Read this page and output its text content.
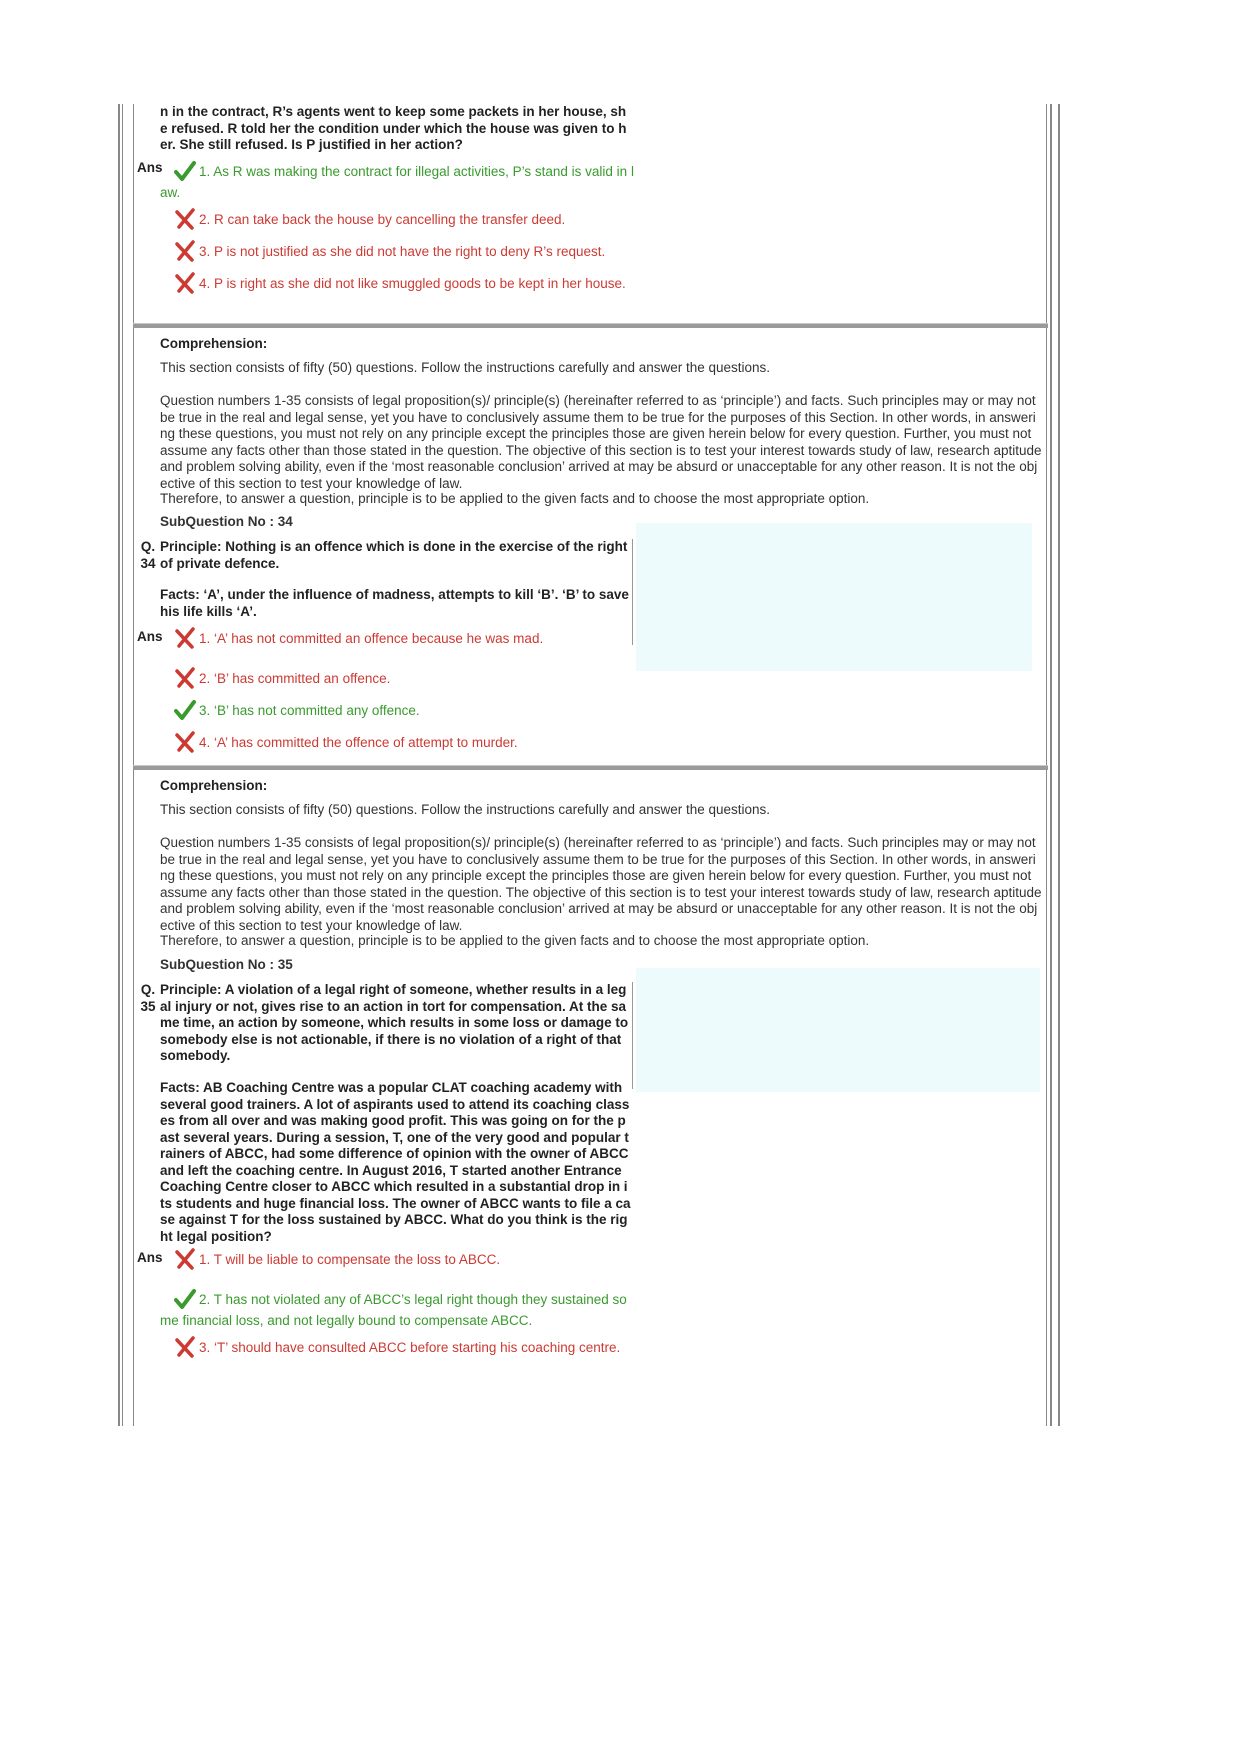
n in the contract, R’s agents went to keep some packets in her house, she refused. R told her the condition under which the house was given to her. She still refused. Is P justified in her action?
Ans	1. As R was making the contract for illegal activities, P’s stand is valid in law.
2. R can take back the house by cancelling the transfer deed.
3. P is not justified as she did not have the right to deny R’s request.
4. P is right as she did not like smuggled goods to be kept in her house.
Comprehension:
This section consists of fifty (50) questions. Follow the instructions carefully and answer the questions.
Question numbers 1-35 consists of legal proposition(s)/ principle(s) (hereinafter referred to as ‘principle’) and facts. Such principles may or may not be true in the real and legal sense, yet you have to conclusively assume them to be true for the purposes of this Section. In other words, in answering these questions, you must not rely on any principle except the principles those are given herein below for every question. Further, you must not assume any facts other than those stated in the question. The objective of this section is to test your interest towards study of law, research aptitude and problem solving ability, even if the ‘most reasonable conclusion’ arrived at may be absurd or unacceptable for any other reason. It is not the objective of this section to test your knowledge of law.
Therefore, to answer a question, principle is to be applied to the given facts and to choose the most appropriate option.
SubQuestion No : 34
Q. 34
Principle: Nothing is an offence which is done in the exercise of the right of private defence.
Facts: ‘A’, under the influence of madness, attempts to kill ‘B’. ‘B’ to save his life kills ‘A’.
Ans	1. ‘A’ has not committed an offence because he was mad.
2. ‘B’ has committed an offence.
3. ‘B’ has not committed any offence.
4. ‘A’ has committed the offence of attempt to murder.
Comprehension:
This section consists of fifty (50) questions. Follow the instructions carefully and answer the questions.
Question numbers 1-35 consists of legal proposition(s)/ principle(s) (hereinafter referred to as ‘principle’) and facts. Such principles may or may not be true in the real and legal sense, yet you have to conclusively assume them to be true for the purposes of this Section. In other words, in answering these questions, you must not rely on any principle except the principles those are given herein below for every question. Further, you must not assume any facts other than those stated in the question. The objective of this section is to test your interest towards study of law, research aptitude and problem solving ability, even if the ‘most reasonable conclusion’ arrived at may be absurd or unacceptable for any other reason. It is not the objective of this section to test your knowledge of law.
Therefore, to answer a question, principle is to be applied to the given facts and to choose the most appropriate option.
SubQuestion No : 35
Q. 35
Principle: A violation of a legal right of someone, whether results in a legal injury or not, gives rise to an action in tort for compensation. At the same time, an action by someone, which results in some loss or damage to somebody else is not actionable, if there is no violation of a right of that somebody.
Facts: AB Coaching Centre was a popular CLAT coaching academy with several good trainers. A lot of aspirants used to attend its coaching classes from all over and was making good profit. This was going on for the past several years. During a session, T, one of the very good and popular trainers of ABCC, had some difference of opinion with the owner of ABCC and left the coaching centre. In August 2016, T started another Entrance Coaching Centre closer to ABCC which resulted in a substantial drop in its students and huge financial loss. The owner of ABCC wants to file a case against T for the loss sustained by ABCC. What do you think is the right legal position?
Ans	1. T will be liable to compensate the loss to ABCC.
2. T has not violated any of ABCC’s legal right though they sustained some financial loss, and not legally bound to compensate ABCC.
3. ‘T’ should have consulted ABCC before starting his coaching centre.
